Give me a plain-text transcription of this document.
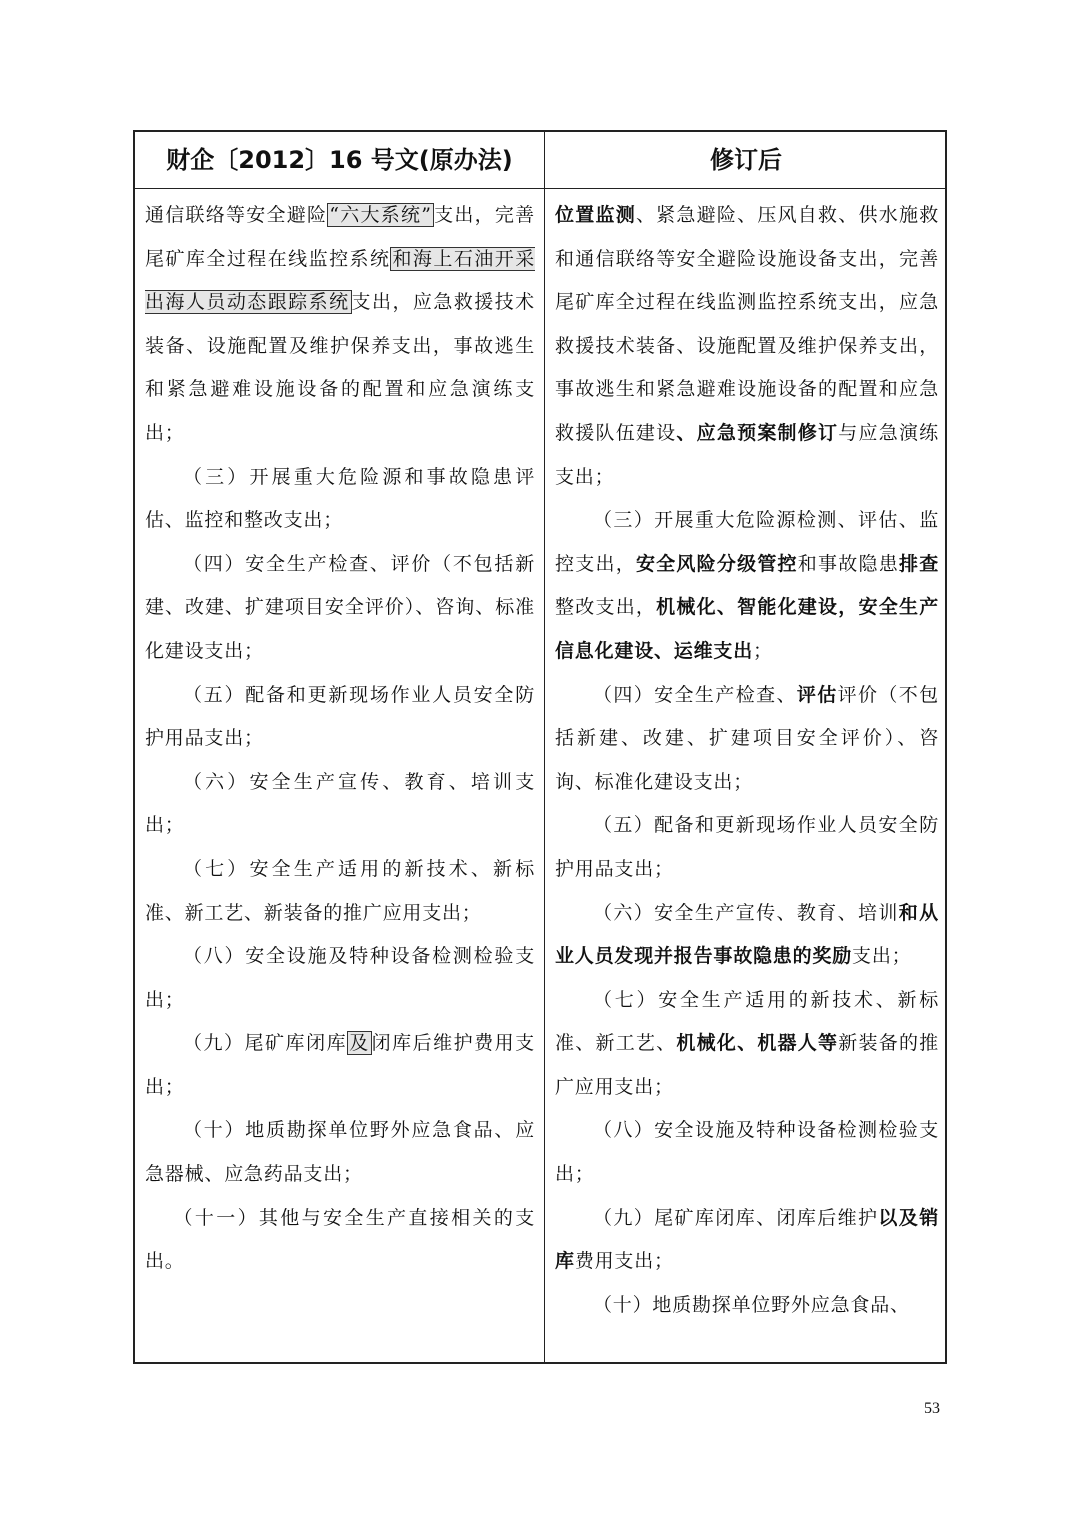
财企〔2012〕16 号文(原办法)	修订后

通信联络等安全避险 “六大系统” 支出，完善尾矿库全过程在线监控系统 和海上石油开采出海人员动态跟踪系统 支出，应急救援技术装备、设施配置及维护保养支出，事故逃生和紧急避难设施设备的配置和应急演练支出；

（三）开展重大危险源和事故隐患评估、监控和整改支出；

（四）安全生产检查、评价（不包括新建、改建、扩建项目安全评价）、咨询、标准化建设支出；

（五）配备和更新现场作业人员安全防护用品支出；

（六）安全生产宣传、教育、培训支出；

（七）安全生产适用的新技术、新标准、新工艺、新装备的推广应用支出；

（八）安全设施及特种设备检测检验支出；

（九）尾矿库闭库 及 闭库后维护费用支出；

（十）地质勘探单位野外应急食品、应急器械、应急药品支出；

（十一）其他与安全生产直接相关的支出。

位置监测、紧急避险、压风自救、供水施救和通信联络等安全避险设施设备支出，完善尾矿库全过程在线监测监控系统支出，应急救援技术装备、设施配置及维护保养支出，事故逃生和紧急避难设施设备的配置和应急救援队伍建设、应急预案制修订与应急演练支出；

（三）开展重大危险源检测、评估、监控支出，安全风险分级管控和事故隐患排查整改支出，机械化、智能化建设，安全生产信息化建设、运维支出；

（四）安全生产检查、评估评价（不包括新建、改建、扩建项目安全评价）、咨询、标准化建设支出；

（五）配备和更新现场作业人员安全防护用品支出；

（六）安全生产宣传、教育、培训和从业人员发现并报告事故隐患的奖励支出；

（七）安全生产适用的新技术、新标准、新工艺、机械化、机器人等新装备的推广应用支出；

（八）安全设施及特种设备检测检验支出；

（九）尾矿库闭库、闭库后维护以及销库费用支出；

（十）地质勘探单位野外应急食品、

53
